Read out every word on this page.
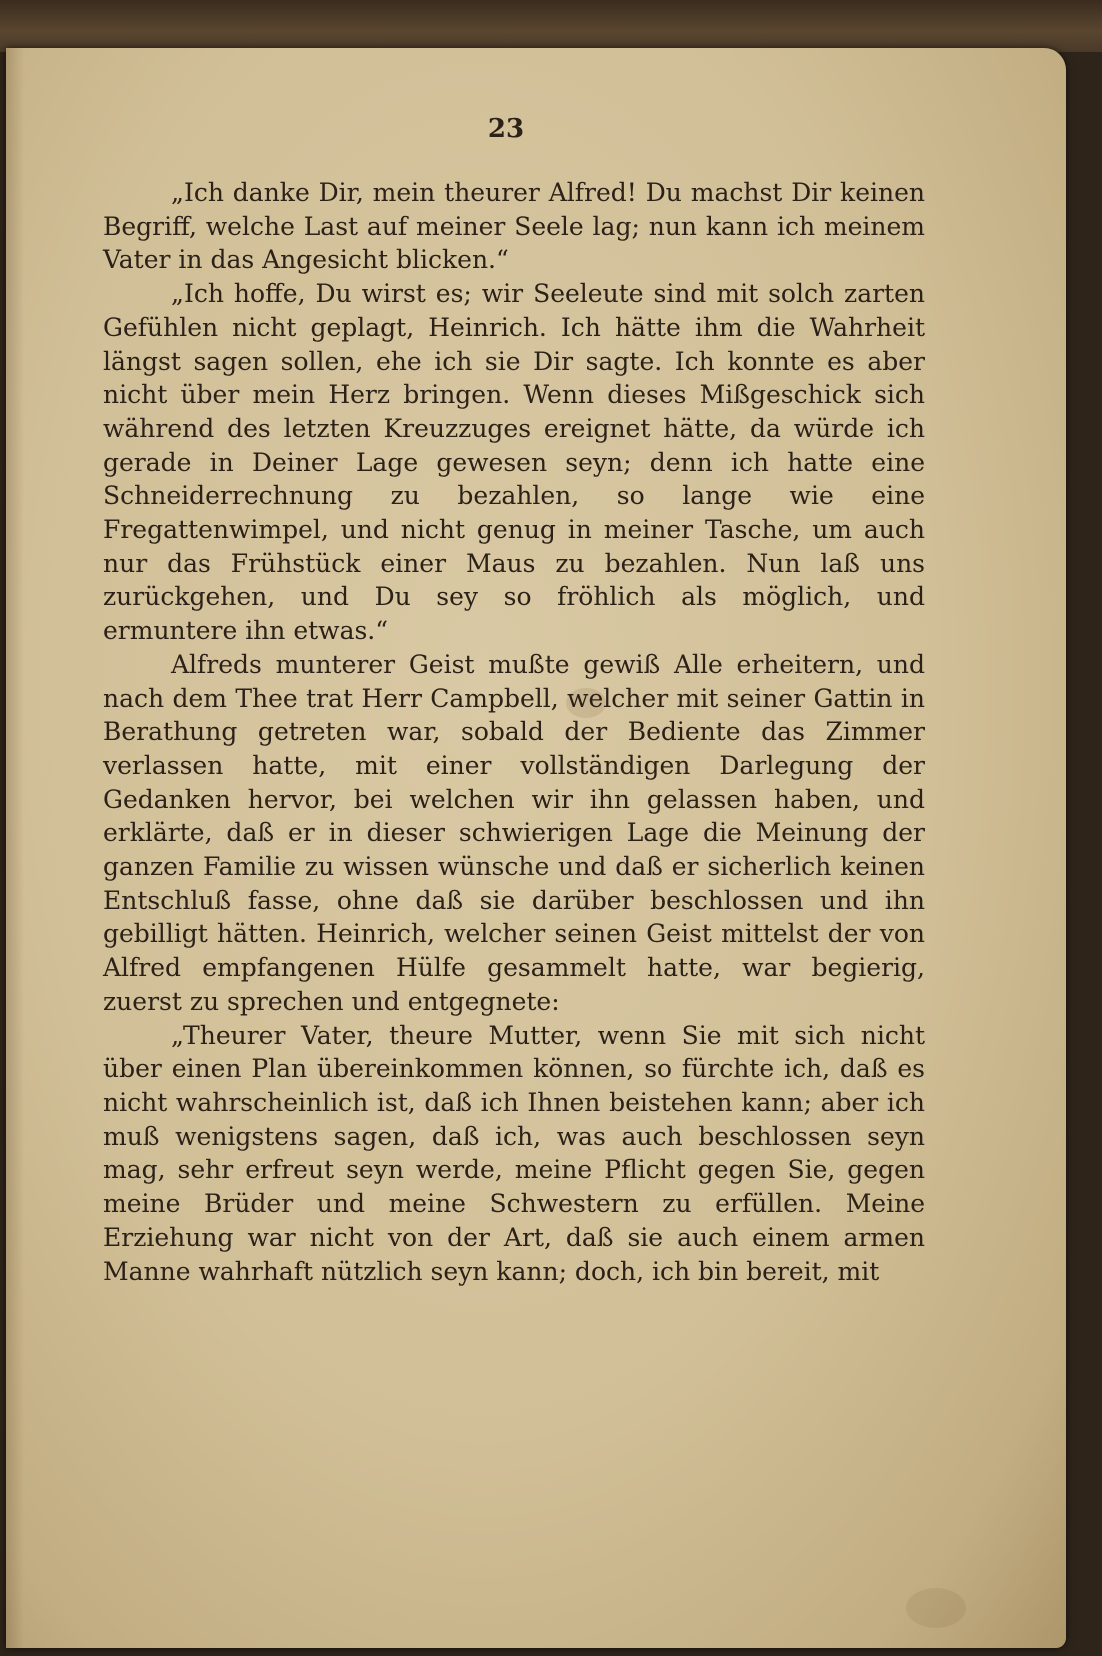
23

„Ich danke Dir, mein theurer Alfred! Du machst Dir keinen Begriff, welche Last auf meiner Seele lag; nun kann ich meinem Vater in das Angesicht blicken.“

„Ich hoffe, Du wirst es; wir Seeleute sind mit solch zarten Gefühlen nicht geplagt, Heinrich. Ich hätte ihm die Wahrheit längst sagen sollen, ehe ich sie Dir sagte. Ich konnte es aber nicht über mein Herz bringen. Wenn dieses Mißgeschick sich während des letzten Kreuzzuges ereignet hätte, da würde ich gerade in Deiner Lage gewesen seyn; denn ich hatte eine Schneiderrechnung zu bezahlen, so lange wie eine Fregattenwimpel, und nicht genug in meiner Tasche, um auch nur das Frühstück einer Maus zu bezahlen. Nun laß uns zurückgehen, und Du sey so fröhlich als möglich, und ermuntere ihn etwas.“

Alfreds munterer Geist mußte gewiß Alle erheitern, und nach dem Thee trat Herr Campbell, welcher mit seiner Gattin in Berathung getreten war, sobald der Bediente das Zimmer verlassen hatte, mit einer vollständigen Darlegung der Gedanken hervor, bei welchen wir ihn gelassen haben, und erklärte, daß er in dieser schwierigen Lage die Meinung der ganzen Familie zu wissen wünsche und daß er sicherlich keinen Entschluß fasse, ohne daß sie darüber beschlossen und ihn gebilligt hätten. Heinrich, welcher seinen Geist mittelst der von Alfred empfangenen Hülfe gesammelt hatte, war begierig, zuerst zu sprechen und entgegnete:

„Theurer Vater, theure Mutter, wenn Sie mit sich nicht über einen Plan übereinkommen können, so fürchte ich, daß es nicht wahrscheinlich ist, daß ich Ihnen beistehen kann; aber ich muß wenigstens sagen, daß ich, was auch beschlossen seyn mag, sehr erfreut seyn werde, meine Pflicht gegen Sie, gegen meine Brüder und meine Schwestern zu erfüllen. Meine Erziehung war nicht von der Art, daß sie auch einem armen Manne wahrhaft nützlich seyn kann; doch, ich bin bereit, mit
